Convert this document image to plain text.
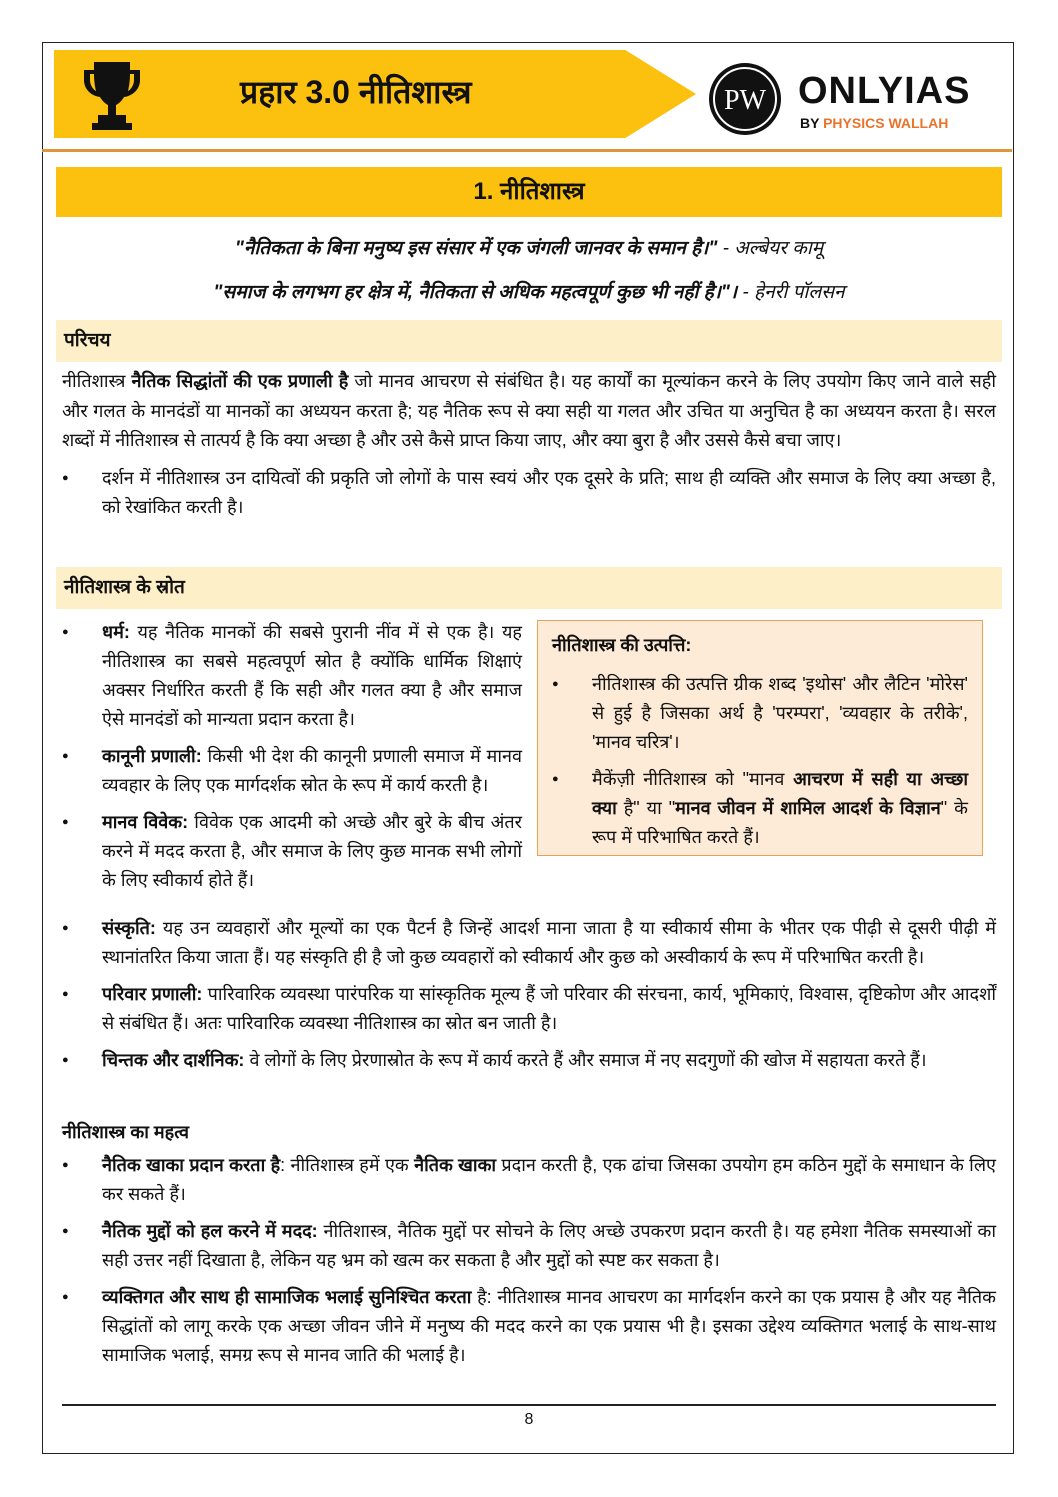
प्रहार 3.0 नीतिशास्त्र	PW ONLYIAS
BY PHYSICS WALLAH
1. नीतिशास्त्र
"नैतिकता के बिना मनुष्य इस संसार में एक जंगली जानवर के समान है।" - अल्बेयर कामू
"समाज के लगभग हर क्षेत्र में, नैतिकता से अधिक महत्वपूर्ण कुछ भी नहीं है।"। - हेनरी पॉलसन
परिचय
नीतिशास्त्र नैतिक सिद्धांतों की एक प्रणाली है जो मानव आचरण से संबंधित है। यह कार्यों का मूल्यांकन करने के लिए उपयोग किए जाने वाले सही और गलत के मानदंडों या मानकों का अध्ययन करता है; यह नैतिक रूप से क्या सही या गलत और उचित या अनुचित है का अध्ययन करता है। सरल शब्दों में नीतिशास्त्र से तात्पर्य है कि क्या अच्छा है और उसे कैसे प्राप्त किया जाए, और क्या बुरा है और उससे कैसे बचा जाए।
● दर्शन में नीतिशास्त्र उन दायित्वों की प्रकृति जो लोगों के पास स्वयं और एक दूसरे के प्रति; साथ ही व्यक्ति और समाज के लिए क्या अच्छा है, को रेखांकित करती है।
नीतिशास्त्र के स्रोत
● धर्म: यह नैतिक मानकों की सबसे पुरानी नींव में से एक है। यह नीतिशास्त्र का सबसे महत्वपूर्ण स्रोत है क्योंकि धार्मिक शिक्षाएं अक्सर निर्धारित करती हैं कि सही और गलत क्या है और समाज ऐसे मानदंडों को मान्यता प्रदान करता है।
● कानूनी प्रणाली: किसी भी देश की कानूनी प्रणाली समाज में मानव व्यवहार के लिए एक मार्गदर्शक स्रोत के रूप में कार्य करती है।
● मानव विवेक: विवेक एक आदमी को अच्छे और बुरे के बीच अंतर करने में मदद करता है, और समाज के लिए कुछ मानक सभी लोगों के लिए स्वीकार्य होते हैं।
नीतिशास्त्र की उत्पत्ति:
● नीतिशास्त्र की उत्पत्ति ग्रीक शब्द 'इथोस' और लैटिन 'मोरेस' से हुई है जिसका अर्थ है 'परम्परा', 'व्यवहार के तरीके', 'मानव चरित्र'।
● मैकेंज़ी नीतिशास्त्र को "मानव आचरण में सही या अच्छा क्या है" या "मानव जीवन में शामिल आदर्श के विज्ञान" के रूप में परिभाषित करते हैं।
● संस्कृति: यह उन व्यवहारों और मूल्यों का एक पैटर्न है जिन्हें आदर्श माना जाता है या स्वीकार्य सीमा के भीतर एक पीढ़ी से दूसरी पीढ़ी में स्थानांतरित किया जाता हैं। यह संस्कृति ही है जो कुछ व्यवहारों को स्वीकार्य और कुछ को अस्वीकार्य के रूप में परिभाषित करती है।
● परिवार प्रणाली: पारिवारिक व्यवस्था पारंपरिक या सांस्कृतिक मूल्य हैं जो परिवार की संरचना, कार्य, भूमिकाएं, विश्वास, दृष्टिकोण और आदर्शों से संबंधित हैं। अतः पारिवारिक व्यवस्था नीतिशास्त्र का स्रोत बन जाती है।
● चिन्तक और दार्शनिक: वे लोगों के लिए प्रेरणास्रोत के रूप में कार्य करते हैं और समाज में नए सदगुणों की खोज में सहायता करते हैं।
नीतिशास्त्र का महत्व
● नैतिक खाका प्रदान करता है: नीतिशास्त्र हमें एक नैतिक खाका प्रदान करती है, एक ढांचा जिसका उपयोग हम कठिन मुद्दों के समाधान के लिए कर सकते हैं।
● नैतिक मुद्दों को हल करने में मदद: नीतिशास्त्र, नैतिक मुद्दों पर सोचने के लिए अच्छे उपकरण प्रदान करती है। यह हमेशा नैतिक समस्याओं का सही उत्तर नहीं दिखाता है, लेकिन यह भ्रम को खत्म कर सकता है और मुद्दों को स्पष्ट कर सकता है।
● व्यक्तिगत और साथ ही सामाजिक भलाई सुनिश्चित करता है: नीतिशास्त्र मानव आचरण का मार्गदर्शन करने का एक प्रयास है और यह नैतिक सिद्धांतों को लागू करके एक अच्छा जीवन जीने में मनुष्य की मदद करने का एक प्रयास भी है। इसका उद्देश्य व्यक्तिगत भलाई के साथ-साथ सामाजिक भलाई, समग्र रूप से मानव जाति की भलाई है।
8
